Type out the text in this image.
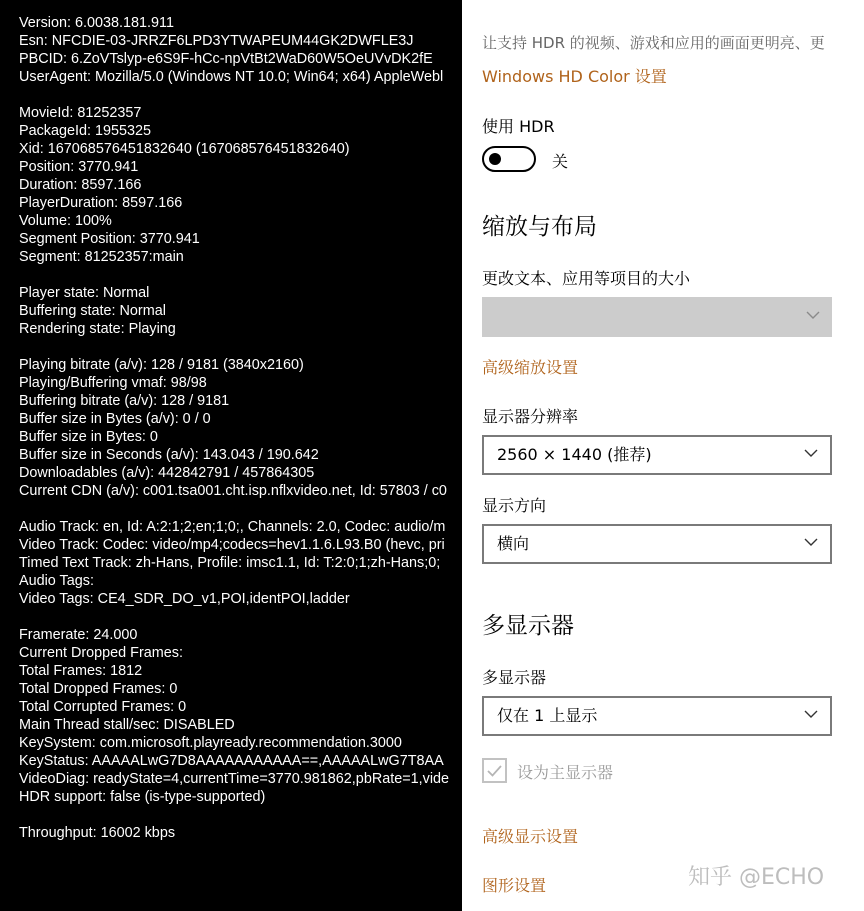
Version: 6.0038.181.911
Esn: NFCDIE-03-JRRZF6LPD3YTWAPEUM44GK2DWFLE3J
PBCID: 6.ZoVTslyp-e6S9F-hCc-npVtBt2WaD60W5OeUVvDK2fE
UserAgent: Mozilla/5.0 (Windows NT 10.0; Win64; x64) AppleWebl
MovieId: 81252357
PackageId: 1955325
Xid: 167068576451832640 (167068576451832640)
Position: 3770.941
Duration: 8597.166
PlayerDuration: 8597.166
Volume: 100%
Segment Position: 3770.941
Segment: 81252357:main
Player state: Normal
Buffering state: Normal
Rendering state: Playing
Playing bitrate (a/v): 128 / 9181 (3840x2160)
Playing/Buffering vmaf: 98/98
Buffering bitrate (a/v): 128 / 9181
Buffer size in Bytes (a/v): 0 / 0
Buffer size in Bytes: 0
Buffer size in Seconds (a/v): 143.043 / 190.642
Downloadables (a/v): 442842791 / 457864305
Current CDN (a/v): c001.tsa001.cht.isp.nflxvideo.net, Id: 57803 / c0
Audio Track: en, Id: A:2:1;2;en;1;0;, Channels: 2.0, Codec: audio/m
Video Track: Codec: video/mp4;codecs=hev1.1.6.L93.B0 (hevc, pri
Timed Text Track: zh-Hans, Profile: imsc1.1, Id: T:2:0;1;zh-Hans;0;
Audio Tags:
Video Tags: CE4_SDR_DO_v1,POI,identPOI,ladder
Framerate: 24.000
Current Dropped Frames:
Total Frames: 1812
Total Dropped Frames: 0
Total Corrupted Frames: 0
Main Thread stall/sec: DISABLED
KeySystem: com.microsoft.playready.recommendation.3000
KeyStatus: AAAAALwG7D8AAAAAAAAAAA==,AAAAALwG7T8AA
VideoDiag: readyState=4,currentTime=3770.981862,pbRate=1,vide
HDR support: false (is-type-supported)
Throughput: 16002 kbps
让支持 HDR 的视频、游戏和应用的画面更明亮、更
Windows HD Color 设置
使用 HDR
关
缩放与布局
更改文本、应用等项目的大小
高级缩放设置
显示器分辨率
2560 × 1440 (推荐)
显示方向
横向
多显示器
多显示器
仅在 1 上显示
设为主显示器
高级显示设置
图形设置	知乎 @ECHO
